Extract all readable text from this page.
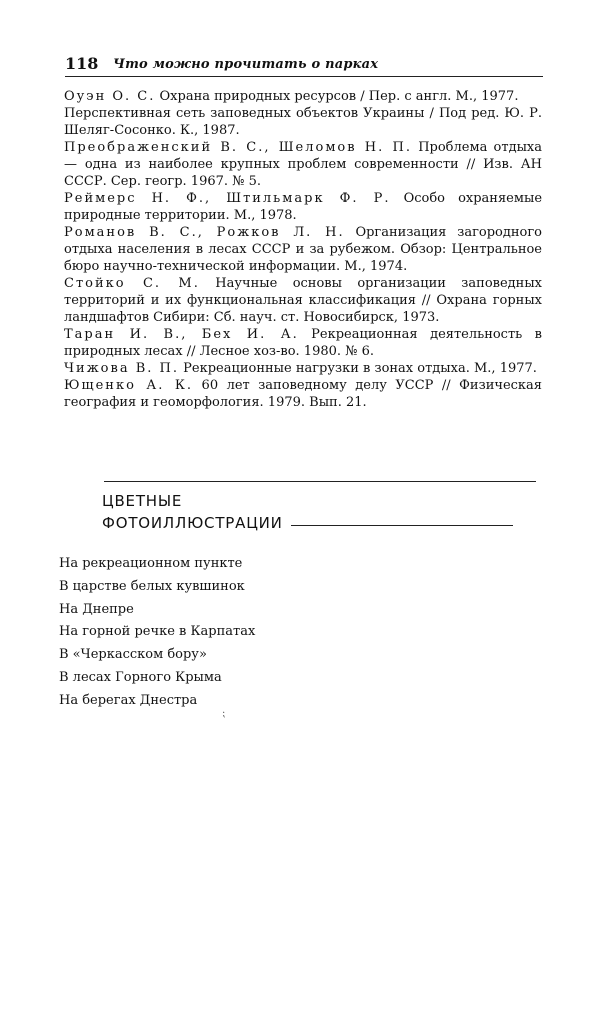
118 Что можно прочитать о парках

Оуэн О. С. Охрана природных ресурсов / Пер. с англ. М., 1977.

Перспективная сеть заповедных объектов Украины / Под ред. Ю. Р. Шеляг-Сосонко. К., 1987.

Преображенский В. С., Шеломов Н. П. Проблема отдыха — одна из наиболее крупных проблем современности // Изв. АН СССР. Сер. геогр. 1967. № 5.

Реймерс Н. Ф., Штильмарк Ф. Р. Особо охраняемые природные территории. М., 1978.

Романов В. С., Рожков Л. Н. Организация загородного отдыха населения в лесах СССР и за рубежом. Обзор: Центральное бюро научно-технической информации. М., 1974.

Стойко С. М. Научные основы организации заповедных территорий и их функциональная классификация // Охрана горных ландшафтов Сибири: Сб. науч. ст. Новосибирск, 1973.

Таран И. В., Бех И. А. Рекреационная деятельность в природных лесах // Лесное хоз-во. 1980. № 6.

Чижова В. П. Рекреационные нагрузки в зонах отдыха. М., 1977.

Ющенко А. К. 60 лет заповедному делу УССР // Физическая география и геоморфология. 1979. Вып. 21.

ЦВЕТНЫЕ
ФОТОИЛЛЮСТРАЦИИ
На рекреационном пункте
В царстве белых кувшинок
На Днепре
На горной речке в Карпатах
В «Черкасском бору»
В лесах Горного Крыма
На берегах Днестра
⁏
